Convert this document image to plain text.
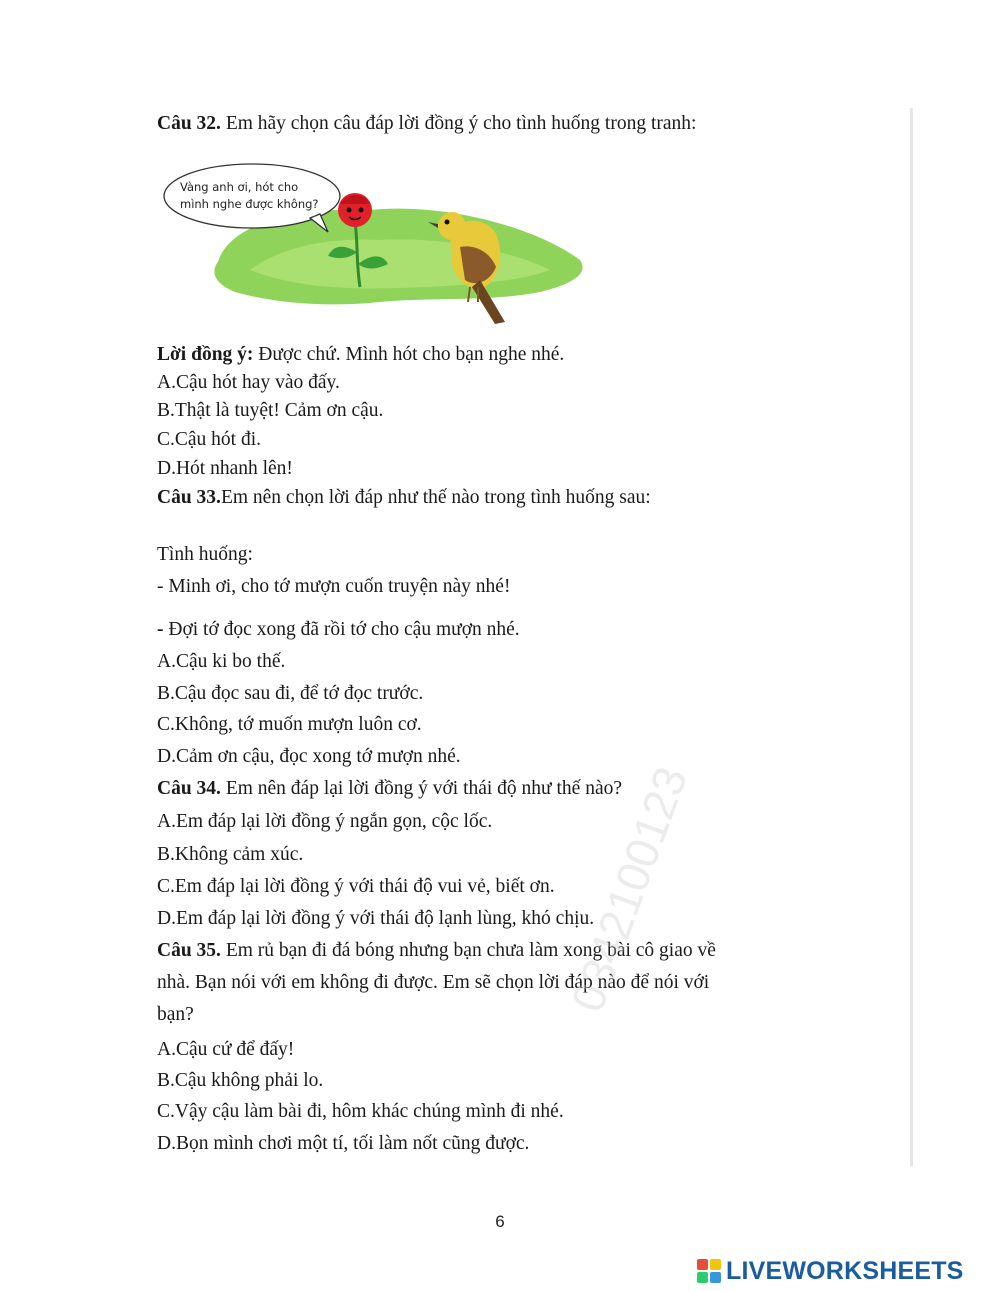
Câu 32. Em hãy chọn câu đáp lời đồng ý cho tình huống trong tranh:
Vàng anh ơi, hót cho
mình nghe được không?
Lời đồng ý: Được chứ. Mình hót cho bạn nghe nhé.
A.Cậu hót hay vào đấy.
B.Thật là tuyệt! Cảm ơn cậu.
C.Cậu hót đi.
D.Hót nhanh lên!
Câu 33.Em nên chọn lời đáp như thế nào trong tình huống sau:
Tình huống:
- Minh ơi, cho tớ mượn cuốn truyện này nhé!
- Đợi tớ đọc xong đã rồi tớ cho cậu mượn nhé.
A.Cậu ki bo thế.
B.Cậu đọc sau đi, để tớ đọc trước.
C.Không, tớ muốn mượn luôn cơ.
D.Cảm ơn cậu, đọc xong tớ mượn nhé.
Câu 34. Em nên đáp lại lời đồng ý với thái độ như thế nào?
A.Em đáp lại lời đồng ý ngắn gọn, cộc lốc.
B.Không cảm xúc.
C.Em đáp lại lời đồng ý với thái độ vui vẻ, biết ơn.
D.Em đáp lại lời đồng ý với thái độ lạnh lùng, khó chịu.
Câu 35. Em rủ bạn đi đá bóng nhưng bạn chưa làm xong bài cô giao về
nhà. Bạn nói với em không đi được. Em sẽ chọn lời đáp nào để nói với
bạn?
A.Cậu cứ để đấy!
B.Cậu không phải lo.
C.Vậy cậu làm bài đi, hôm khác chúng mình đi nhé.
D.Bọn mình chơi một tí, tối làm nốt cũng được.
0342100123
6
LIVEWORKSHEETS
